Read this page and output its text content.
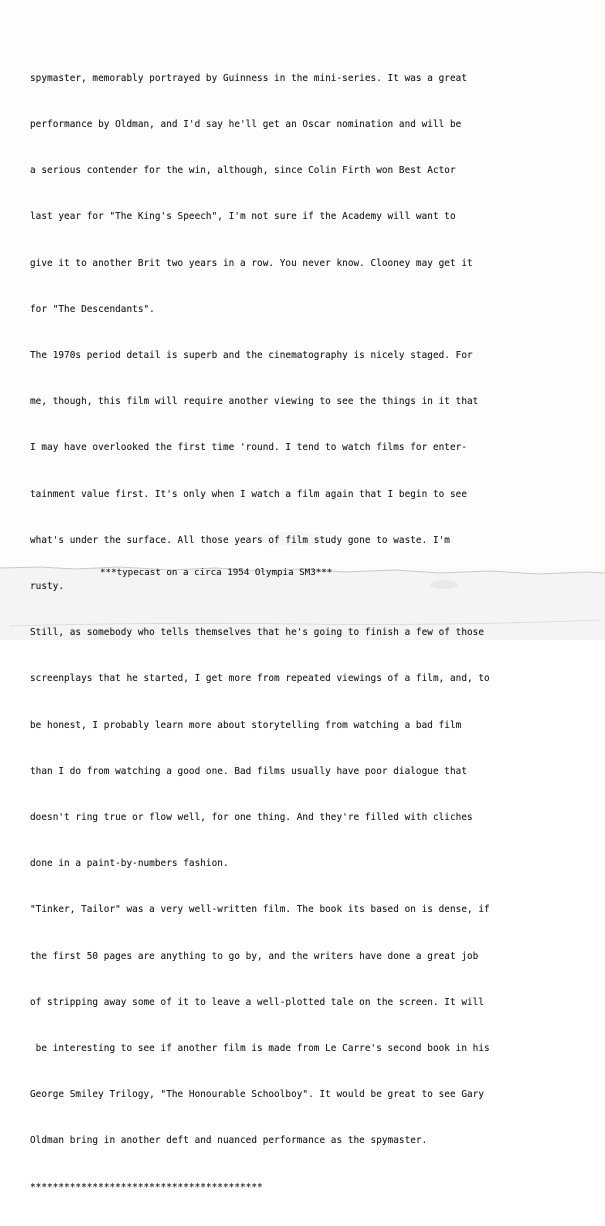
spymaster, memorably portrayed by Guinness in the mini-series. It was a great

performance by Oldman, and I'd say he'll get an Oscar nomination and will be

a serious contender for the win, although, since Colin Firth won Best Actor

last year for "The King's Speech", I'm not sure if the Academy will want to

give it to another Brit two years in a row. You never know. Clooney may get it

for "The Descendants".

The 1970s period detail is superb and the cinematography is nicely staged. For

me, though, this film will require another viewing to see the things in it that

I may have overlooked the first time 'round. I tend to watch films for enter-

tainment value first. It's only when I watch a film again that I begin to see

what's under the surface. All those years of film study gone to waste. I'm

rusty.

Still, as somebody who tells themselves that he's going to finish a few of those

screenplays that he started, I get more from repeated viewings of a film, and, to

be honest, I probably learn more about storytelling from watching a bad film

than I do from watching a good one. Bad films usually have poor dialogue that

doesn't ring true or flow well, for one thing. And they're filled with cliches

done in a paint-by-numbers fashion.

"Tinker, Tailor" was a very well-written film. The book its based on is dense, if

the first 50 pages are anything to go by, and the writers have done a great job

of stripping away some of it to leave a well-plotted tale on the screen. It will

be interesting to see if another film is made from Le Carre's second book in his

George Smiley Trilogy, "The Honourable Schoolboy". It would be great to see Gary

Oldman bring in another deft and nuanced performance as the spymaster.

*****************************************

***typecast on a circa 1954 Olympia SM3***
